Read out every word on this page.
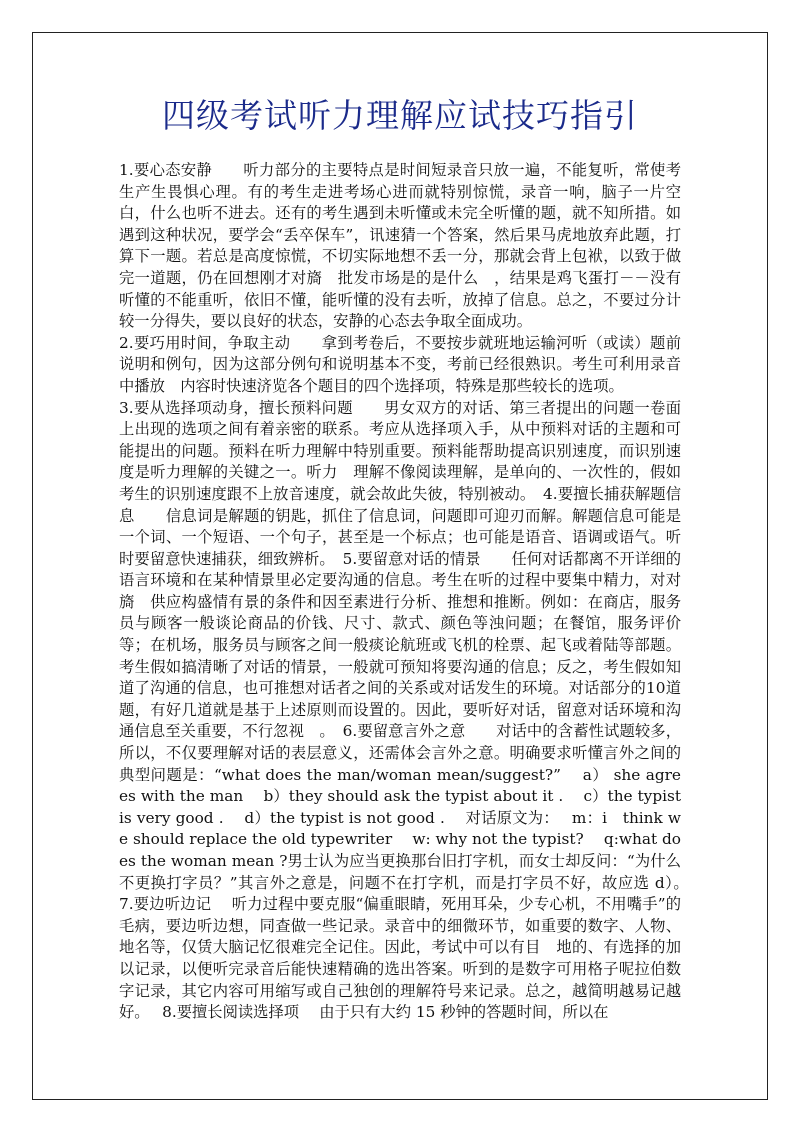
四级考试听力理解应试技巧指引
1.要心态安静　　听力部分的主要特点是时间短录音只放一遍，不能复听，常使考生产生畏惧心理。有的考生走进考场心进而就特别惊慌，录音一响，脑子一片空白，什么也听不进去。还有的考生遇到未听懂或未完全听懂的题，就不知所措。如遇到这种状况，要学会“丢卒保车”，讯速猜一个答案，然后果马虎地放弃此题，打算下一题。若总是高度惊慌，不切实际地想不丢一分，那就会背上包袱，以致于做完一道题，仍在回想刚才对旖　批发市场是的是什么　，结果是鸡飞蛋打－－没有听懂的不能重听，依旧不懂，能听懂的没有去听，放掉了信息。总之，不要过分计较一分得失，要以良好的状态，安静的心态去争取全面成功。
2.要巧用时间，争取主动　　拿到考卷后，不要按步就班地运输河听（或读）题前说明和例句，因为这部分例句和说明基本不变，考前已经很熟识。考生可利用录音中播放　内容时快速济览各个题目的四个选择项，特殊是那些较长的选项。
3.要从选择项动身，擅长预料问题　　男女双方的对话、第三者提出的问题一卷面上出现的选项之间有着亲密的联系。考应从选择项入手，从中预料对话的主题和可能提出的问题。预料在听力理解中特别重要。预料能帮助提高识别速度，而识别速度是听力理解的关键之一。听力　理解不像阅读理解，是单向的、一次性的，假如考生的识别速度跟不上放音速度，就会故此失彼，特别被动。　4.要擅长捕获解题信息　　信息词是解题的钥匙，抓住了信息词，问题即可迎刃而解。解题信息可能是一个词、一个短语、一个句子，甚至是一个标点；也可能是语音、语调或语气。听时要留意快速捕获，细致辨析。　5.要留意对话的情景　　任何对话都离不开详细的语言环境和在某种情景里必定要沟通的信息。考生在听的过程中要集中精力，对对旖　供应构盛情有景的条件和因至素进行分析、推想和推断。例如：在商店，服务员与顾客一般谈论商品的价钱、尺寸、款式、颜色等浊问题；在餐馆，服务评价等；在机场，服务员与顾客之间一般痰论航班或飞机的栓票、起飞或着陆等部题。考生假如搞清晰了对话的情景，一般就可预知将要沟通的信息；反之，考生假如知道了沟通的信息，也可推想对话者之间的关系或对话发生的环境。对话部分的10道题，有好几道就是基于上述原则而设置的。因此，要听好对话，留意对话环境和沟通信息至关重要，不行忽视　。　6.要留意言外之意　　对话中的含蓄性试题较多，所以，不仅要理解对话的表层意义，还需体会言外之意。明确要求听懂言外之间的典型问题是：“what does the man/woman mean/suggest?”　 a） she agrees with the man　 b）they should ask the typist about it .　 c）the typist is very good .　 d）the typist is not good .　 对话原文为：　 m：i　think we should replace the old typewriter　 w: why not the typist?　 q:what does the woman mean ?男士认为应当更换那台旧打字机，而女士却反问：“为什么不更换打字员？”其言外之意是，问题不在打字机，而是打字员不好，故应选 d）。　 7.要边听边记　 听力过程中要克服“偏重眼睛，死用耳朵，少专心机，不用嘴手”的毛病，要边听边想，同查做一些记录。录音中的细微环节，如重要的数字、人物、地名等，仅赁大脑记忆很难完全记住。因此，考试中可以有目　地的、有选择的加以记录，以便听完录音后能快速精确的选出答案。听到的是数字可用格子呢拉伯数字记录，其它内容可用缩写或自己独创的理解符号来记录。总之，越简明越易记越好。　 8.要擅长阅读选择项　 由于只有大约 15 秒钟的答题时间，所以在
